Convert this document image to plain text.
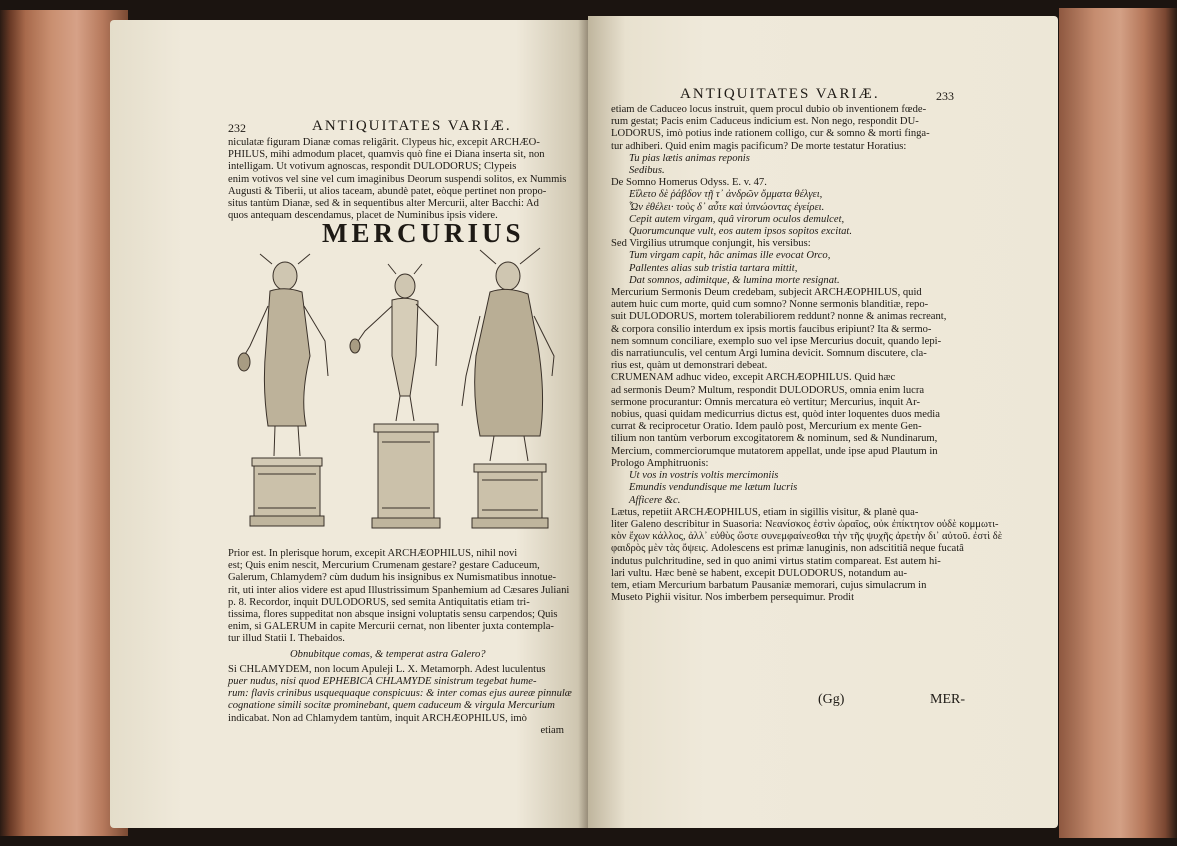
232	ANTIQUITATES VARIÆ.
niculatæ figuram Dianæ comas religârit. Clypeus hic, excepit ARCHÆO-
PHILUS, mihi admodum placet, quamvis quò fine ei Diana inserta sit, non
intelligam. Ut votivum agnoscas, respondit DULODORUS; Clypeis
enim votivos vel sine vel cum imaginibus Deorum suspendi solitos, ex Nummis
Augusti & Tiberii, ut alios taceam, abundè patet, eòque pertinet non propo-
situs tantùm Dianæ, sed & in sequentibus alter Mercurii, alter Bacchi: Ad
quos antequam descendamus, placet de Numinibus ipsis videre.
MERCURIUS
Prior est. In plerisque horum, excepit ARCHÆOPHILUS, nihil novi
est; Quis enim nescit, Mercurium Crumenam gestare? gestare Caduceum,
Galerum, Chlamydem? cùm dudum his insignibus ex Numismatibus innotue-
rit, uti inter alios videre est apud Illustrissimum Spanhemium ad Cæsares Juliani
p. 8. Recordor, inquit DULODORUS, sed semita Antiquitatis etiam tri-
tissima, flores suppeditat non absque insigni voluptatis sensu carpendos; Quis
enim, si GALERUM in capite Mercurii cernat, non libenter juxta contempla-
tur illud Statii I. Thebaidos.
Obnubitque comas, & temperat astra Galero?
Si CHLAMYDEM, non locum Apuleji L. X. Metamorph. Adest luculentus
puer nudus, nisi quod EPHEBICA CHLAMYDE sinistrum tegebat hume-
rum: flavis crinibus usquequaque conspicuus: & inter comas ejus aureæ pinnulæ
cognatione simili socitæ prominebant, quem caduceum & virgula Mercurium
indicabat. Non ad Chlamydem tantùm, inquit ARCHÆOPHILUS, imò
etiam
ANTIQUITATES VARIÆ.	233
etiam de Caduceo locus instruit, quem procul dubio ob inventionem fœde-
rum gestat; Pacis enim Caduceus indicium est. Non nego, respondit DU-
LODORUS, imò potius inde rationem colligo, cur & somno & morti finga-
tur adhiberi. Quid enim magis pacificum? De morte testatur Horatius:
Tu pias lætis animas reponis
Sedibus.
De Somno Homerus Odyss. E. v. 47.
Εἵλετο δὲ ῥάβδον τῇ τ᾽ ἀνδρῶν ὄμματα θέλγει,
Ὧν ἐθέλει· τοὺς δ᾽ αὖτε καὶ ὑπνώοντας ἐγείρει.
Cepit autem virgam, quâ virorum oculos demulcet,
Quorumcunque vult, eos autem ipsos sopitos excitat.
Sed Virgilius utrumque conjungit, his versibus:
Tum virgam capit, hâc animas ille evocat Orco,
Pallentes alias sub tristia tartara mittit,
Dat somnos, adimitque, & lumina morte resignat.
Mercurium Sermonis Deum credebam, subjecit ARCHÆOPHILUS, quid
autem huic cum morte, quid cum somno? Nonne sermonis blanditiæ, repo-
suit DULODORUS, mortem tolerabiliorem reddunt? nonne & animas recreant,
& corpora consilio interdum ex ipsis mortis faucibus eripiunt? Ita & sermo-
nem somnum conciliare, exemplo suo vel ipse Mercurius docuit, quando lepi-
dis narratiunculis, vel centum Argi lumina devicit. Somnum discutere, cla-
rius est, quàm ut demonstrari debeat.
CRUMENAM adhuc video, excepit ARCHÆOPHILUS. Quid hæc
ad sermonis Deum? Multum, respondit DULODORUS, omnia enim lucra
sermone procurantur: Omnis mercatura eò vertitur; Mercurius, inquit Ar-
nobius, quasi quidam medicurrius dictus est, quòd inter loquentes duos media
currat & reciprocetur Oratio. Idem paulò post, Mercurium ex mente Gen-
tilium non tantùm verborum excogitatorem & nominum, sed & Nundinarum,
Mercium, commerciorumque mutatorem appellat, unde ipse apud Plautum in
Prologo Amphitruonis:
Ut vos in vostris voltis mercimoniis
Emundis vendundisque me lætum lucris
Afficere &c.
Lætus, repetiit ARCHÆOPHILUS, etiam in sigillis visitur, & planè qua-
liter Galeno describitur in Suasoria: Νεανίσκος ἐστὶν ὡραῖος, οὐκ ἐπίκτητον οὐδὲ κομμωτι-
κὸν ἔχων κάλλος, ἀλλ᾽ εὐθὺς ὥστε συνεμφαίνεσθαι τὴν τῆς ψυχῆς ἀρετὴν δι᾽ αὐτοῦ. ἐστὶ δὲ
φαιδρὸς μὲν τὰς ὄψεις. Adolescens est primæ lanuginis, non adscititiâ neque fucatâ
indutus pulchritudine, sed in quo animi virtus statim compareat. Est autem hi-
lari vultu. Hæc benè se habent, excepit DULODORUS, notandum au-
tem, etiam Mercurium barbatum Pausaniæ memorari, cujus simulacrum in
Museto Pighii visitur. Nos imberbem persequimur. Prodit
(Gg)	MER-
